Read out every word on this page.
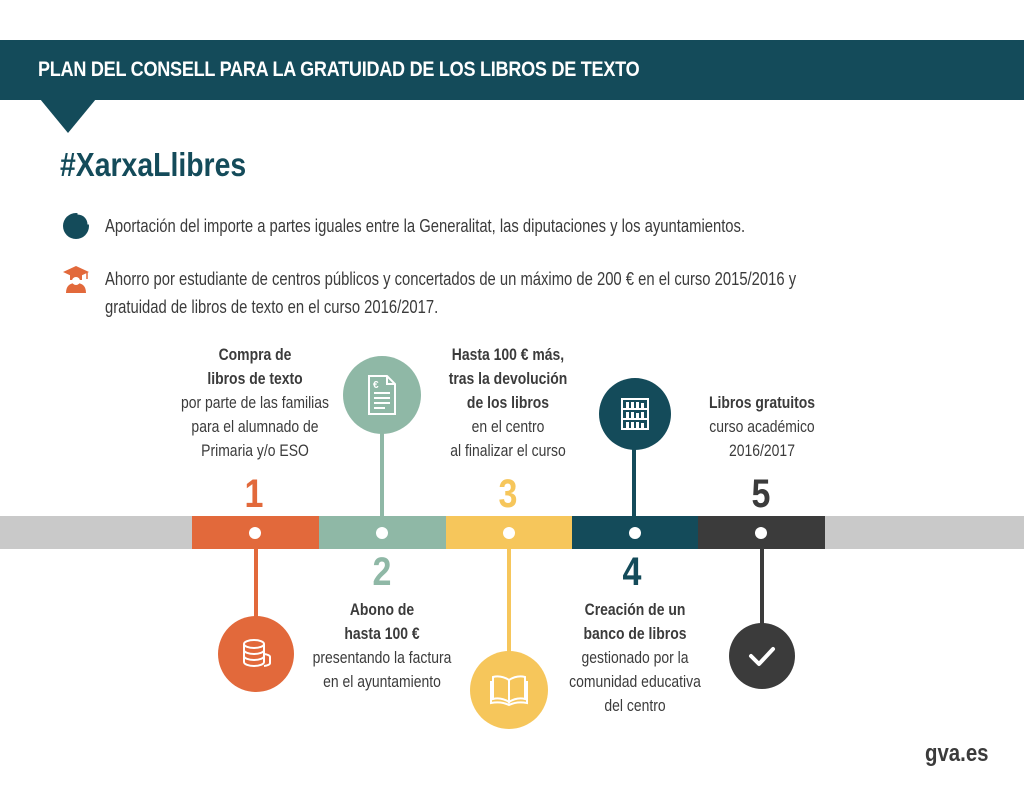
PLAN DEL CONSELL PARA LA GRATUIDAD DE LOS LIBROS DE TEXTO
#XarxaLlibres
Aportación del importe a partes iguales entre la Generalitat, las diputaciones y los ayuntamientos.
Ahorro por estudiante de centros públicos y concertados de un máximo de 200 € en el curso 2015/2016 y
gratuidad de libros de texto en el curso 2016/2017.
1
Compra de
libros de texto
por parte de las familias
para el alumnado de
Primaria y/o ESO
€
2
Abono de
hasta 100 €
presentando la factura
en el ayuntamiento
3
Hasta 100 € más,
tras la devolución
de los libros
en el centro
al finalizar el curso
4
Creación de un
banco de libros
gestionado por la
comunidad educativa
del centro
5
Libros gratuitos
curso académico
2016/2017
gva.es
